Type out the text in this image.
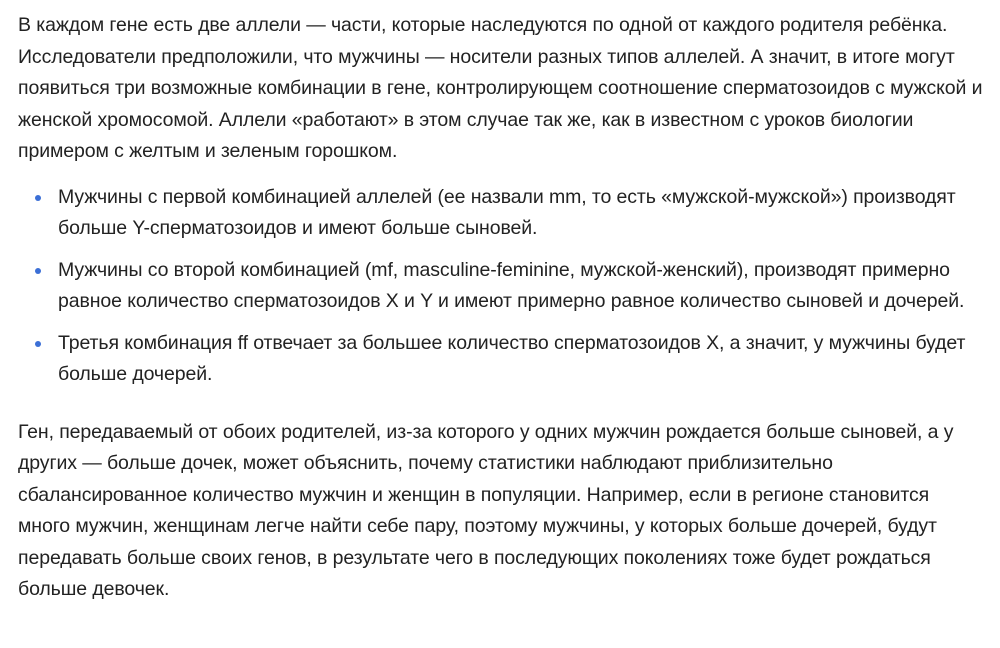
В каждом гене есть две аллели — части, которые наследуются по одной от каждого родителя ребёнка. Исследователи предположили, что мужчины — носители разных типов аллелей. А значит, в итоге могут появиться три возможные комбинации в гене, контролирующем соотношение сперматозоидов с мужской и женской хромосомой. Аллели «работают» в этом случае так же, как в известном с уроков биологии примером с желтым и зеленым горошком.

Мужчины с первой комбинацией аллелей (ее назвали mm, то есть «мужской-мужской») производят больше Y-сперматозоидов и имеют больше сыновей.
Мужчины со второй комбинацией (mf, masculine-feminine, мужской-женский), производят примерно равное количество сперматозоидов X и Y и имеют примерно равное количество сыновей и дочерей.
Третья комбинация ff отвечает за большее количество сперматозоидов X, а значит, у мужчины будет больше дочерей.

Ген, передаваемый от обоих родителей, из-за которого у одних мужчин рождается больше сыновей, а у других — больше дочек, может объяснить, почему статистики наблюдают приблизительно сбалансированное количество мужчин и женщин в популяции. Например, если в регионе становится много мужчин, женщинам легче найти себе пару, поэтому мужчины, у которых больше дочерей, будут передавать больше своих генов, в результате чего в последующих поколениях тоже будет рождаться больше девочек.
